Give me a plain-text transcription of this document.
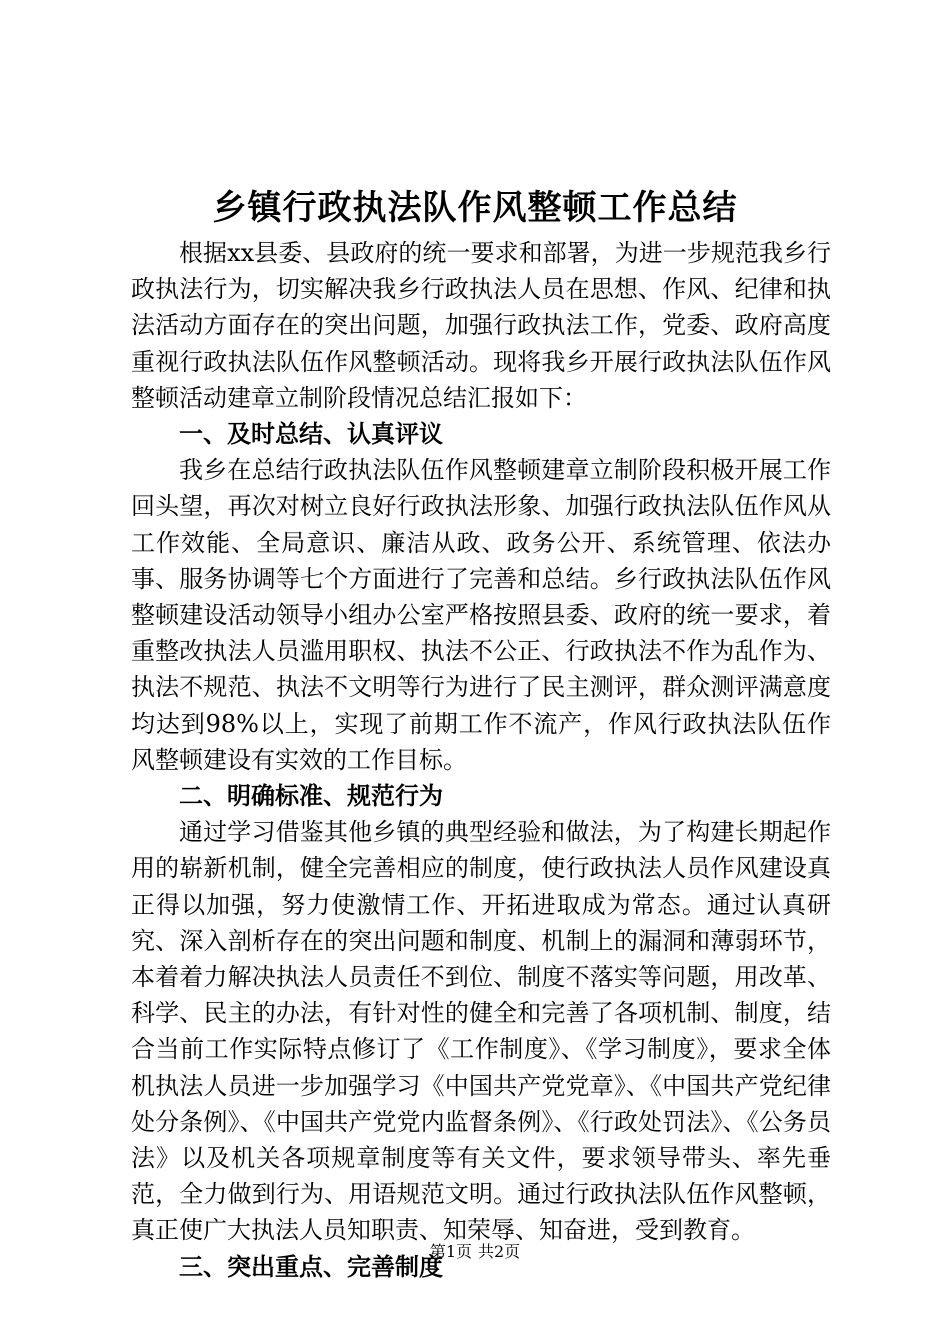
乡镇行政执法队作风整顿工作总结

根据xx县委、县政府的统一要求和部署，为进一步规范我乡行政执法行为，切实解决我乡行政执法人员在思想、作风、纪律和执法活动方面存在的突出问题，加强行政执法工作，党委、政府高度重视行政执法队伍作风整顿活动。现将我乡开展行政执法队伍作风整顿活动建章立制阶段情况总结汇报如下：

一、及时总结、认真评议

我乡在总结行政执法队伍作风整顿建章立制阶段积极开展工作回头望，再次对树立良好行政执法形象、加强行政执法队伍作风从工作效能、全局意识、廉洁从政、政务公开、系统管理、依法办事、服务协调等七个方面进行了完善和总结。乡行政执法队伍作风整顿建设活动领导小组办公室严格按照县委、政府的统一要求，着重整改执法人员滥用职权、执法不公正、行政执法不作为乱作为、执法不规范、执法不文明等行为进行了民主测评，群众测评满意度均达到98%以上，实现了前期工作不流产，作风行政执法队伍作风整顿建设有实效的工作目标。

二、明确标准、规范行为

通过学习借鉴其他乡镇的典型经验和做法，为了构建长期起作用的崭新机制，健全完善相应的制度，使行政执法人员作风建设真正得以加强，努力使激情工作、开拓进取成为常态。通过认真研究、深入剖析存在的突出问题和制度、机制上的漏洞和薄弱环节，本着着力解决执法人员责任不到位、制度不落实等问题，用改革、科学、民主的办法，有针对性的健全和完善了各项机制、制度，结合当前工作实际特点修订了《工作制度》、《学习制度》，要求全体机执法人员进一步加强学习《中国共产党党章》、《中国共产党纪律处分条例》、《中国共产党党内监督条例》、《行政处罚法》、《公务员法》以及机关各项规章制度等有关文件，要求领导带头、率先垂范，全力做到行为、用语规范文明。通过行政执法队伍作风整顿，真正使广大执法人员知职责、知荣辱、知奋进，受到教育。

三、突出重点、完善制度
第1页 共2页
